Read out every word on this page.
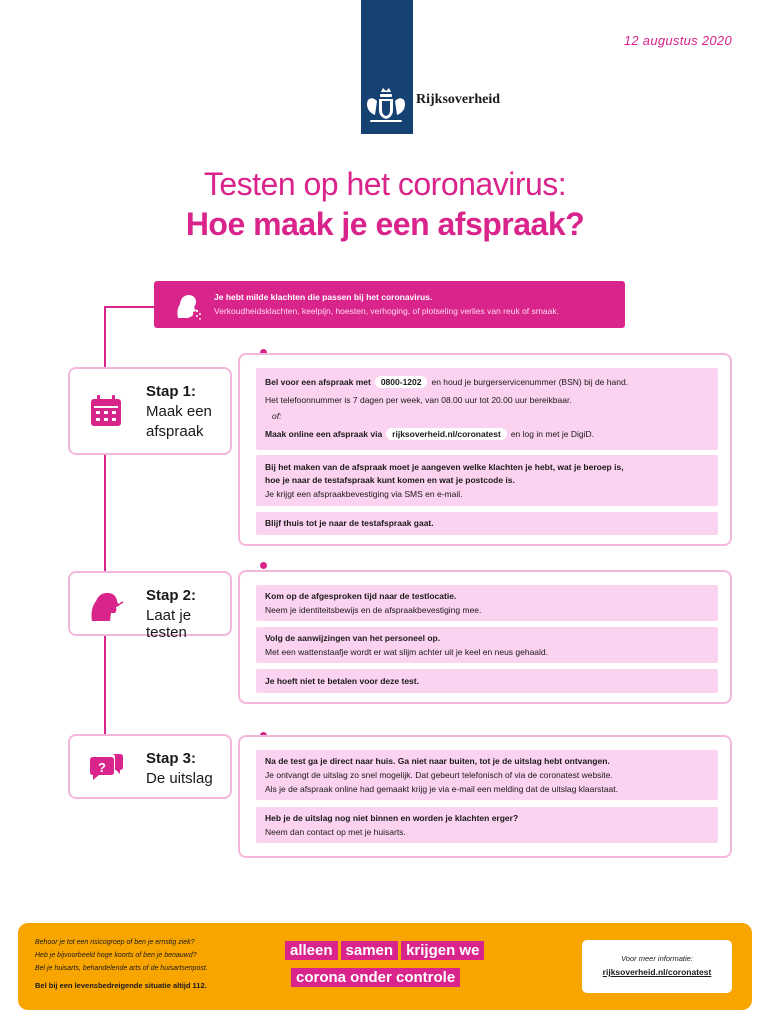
12 augustus 2020
Rijksoverheid
Testen op het coronavirus:
Hoe maak je een afspraak?
Je hebt milde klachten die passen bij het coronavirus.
Verkoudheidsklachten, keelpijn, hoesten, verhoging, of plotseling verlies van reuk of smaak.
Stap 1:
Maak een
afspraak
Bel voor een afspraak met 0800-1202 en houd je burgerservicenummer (BSN) bij de hand.
Het telefoonnummer is 7 dagen per week, van 08.00 uur tot 20.00 uur bereikbaar.
of:
Maak online een afspraak via rijksoverheid.nl/coronatest en log in met je DigiD.
Bij het maken van de afspraak moet je aangeven welke klachten je hebt, wat je beroep is,
hoe je naar de testafspraak kunt komen en wat je postcode is.
Je krijgt een afspraakbevestiging via SMS en e-mail.
Blijf thuis tot je naar de testafspraak gaat.
Stap 2:
Laat je testen
Kom op de afgesproken tijd naar de testlocatie.
Neem je identiteitsbewijs en de afspraakbevestiging mee.
Volg de aanwijzingen van het personeel op.
Met een wattenstaafje wordt er wat slijm achter uit je keel en neus gehaald.
Je hoeft niet te betalen voor deze test.
?
Stap 3:
De uitslag
Na de test ga je direct naar huis. Ga niet naar buiten, tot je de uitslag hebt ontvangen.
Je ontvangt de uitslag zo snel mogelijk. Dat gebeurt telefonisch of via de coronatest website.
Als je de afspraak online had gemaakt krijg je via e-mail een melding dat de uitslag klaarstaat.
Heb je de uitslag nog niet binnen en worden je klachten erger?
Neem dan contact op met je huisarts.
Behoor je tot een risicogroep of ben je ernstig ziek?
Heb je bijvoorbeeld hoge koorts of ben je benauwd?
Bel je huisarts, behandelende arts of de huisartsenpost.
Bel bij een levensbedreigende situatie altijd 112.
alleen samen krijgen we
corona onder controle
Voor meer informatie:
rijksoverheid.nl/coronatest
